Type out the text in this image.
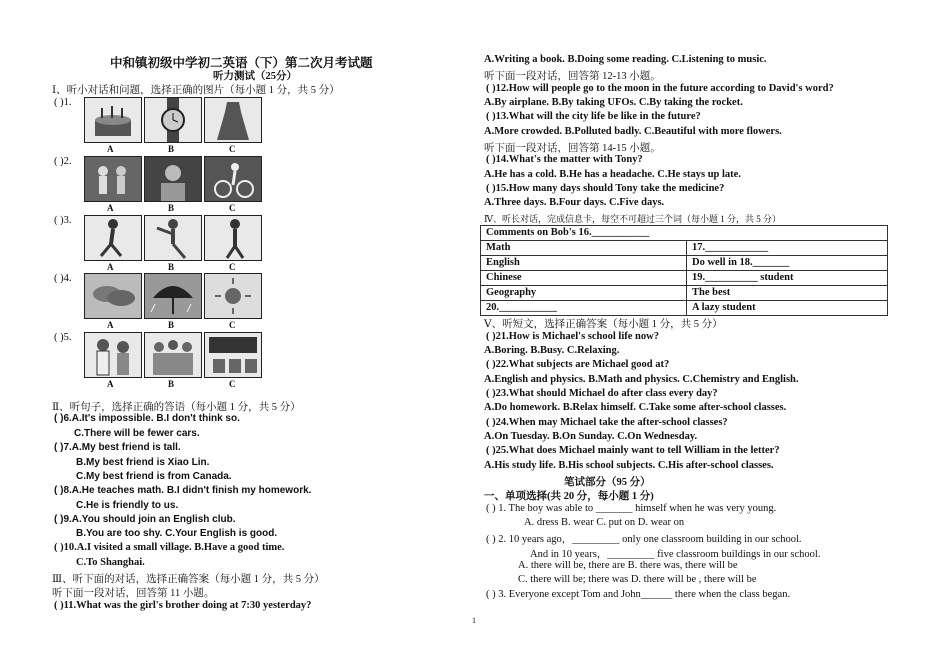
中和镇初级中学初二英语（下）第二次月考试题
听力测试（25分）
Ⅰ、听小对话和问题，选择正确的图片（每小题 1 分，共 5 分）
( )1.
A	B	C
( )2.
A	B	C
( )3.
A	B	C
( )4.
A	B	C
( )5.
A	B	C
Ⅱ、听句子，选择正确的答语（每小题 1 分，共 5 分）
( )6.A.It's impossible. B.I don't think so.
C.There will be fewer cars.
( )7.A.My best friend is tall.
B.My best friend is Xiao Lin.
C.My best friend is from Canada.
( )8.A.He teaches math. B.I didn't finish my homework.
C.He is friendly to us.
( )9.A.You should join an English club.
B.You are too shy. C.Your English is good.
( )10.A.I visited a small village. B.Have a good time.
C.To Shanghai.
Ⅲ、听下面的对话，选择正确答案（每小题 1 分，共 5 分）
听下面一段对话，回答第 11 小题。
( )11.What was the girl's brother doing at 7:30 yesterday?
A.Writing a book. B.Doing some reading. C.Listening to music.
听下面一段对话，回答第 12-13 小题。
( )12.How will people go to the moon in the future according to David's word?
A.By airplane. B.By taking UFOs. C.By taking the rocket.
( )13.What will the city life be like in the future?
A.More crowded. B.Polluted badly. C.Beautiful with more flowers.
听下面一段对话，回答第 14-15 小题。
( )14.What's the matter with Tony?
A.He has a cold. B.He has a headache. C.He stays up late.
( )15.How many days should Tony take the medicine?
A.Three days. B.Four days. C.Five days.
Ⅳ、听长对话，完成信息卡，每空不可超过三个词（每小题 1 分，共 5 分）
Comments on Bob's 16.___________	
Math	17.____________
English	Do well in 18._______
Chinese	19.__________ student
Geography	The best
20.___________	A lazy student
Ⅴ、听短文，选择正确答案（每小题 1 分，共 5 分）
( )21.How is Michael's school life now?
A.Boring. B.Busy. C.Relaxing.
( )22.What subjects are Michael good at?
A.English and physics. B.Math and physics. C.Chemistry and English.
( )23.What should Michael do after class every day?
A.Do homework. B.Relax himself. C.Take some after-school classes.
( )24.When may Michael take the after-school classes?
A.On Tuesday. B.On Sunday. C.On Wednesday.
( )25.What does Michael mainly want to tell William in the letter?
A.His study life. B.His school subjects. C.His after-school classes.
笔试部分（95 分）
一、单项选择(共 20 分，每小题 1 分)
( ) 1. The boy was able to _______ himself when he was very young.
A. dress B. wear C. put on D. wear on
( ) 2. 10 years ago，_________ only one classroom building in our school.
And in 10 years，_________ five classroom buildings in our school.
A. there will be, there are B. there was, there will be
C. there will be; there was D. there will be , there will be
( ) 3. Everyone except Tom and John______ there when the class began.
1
